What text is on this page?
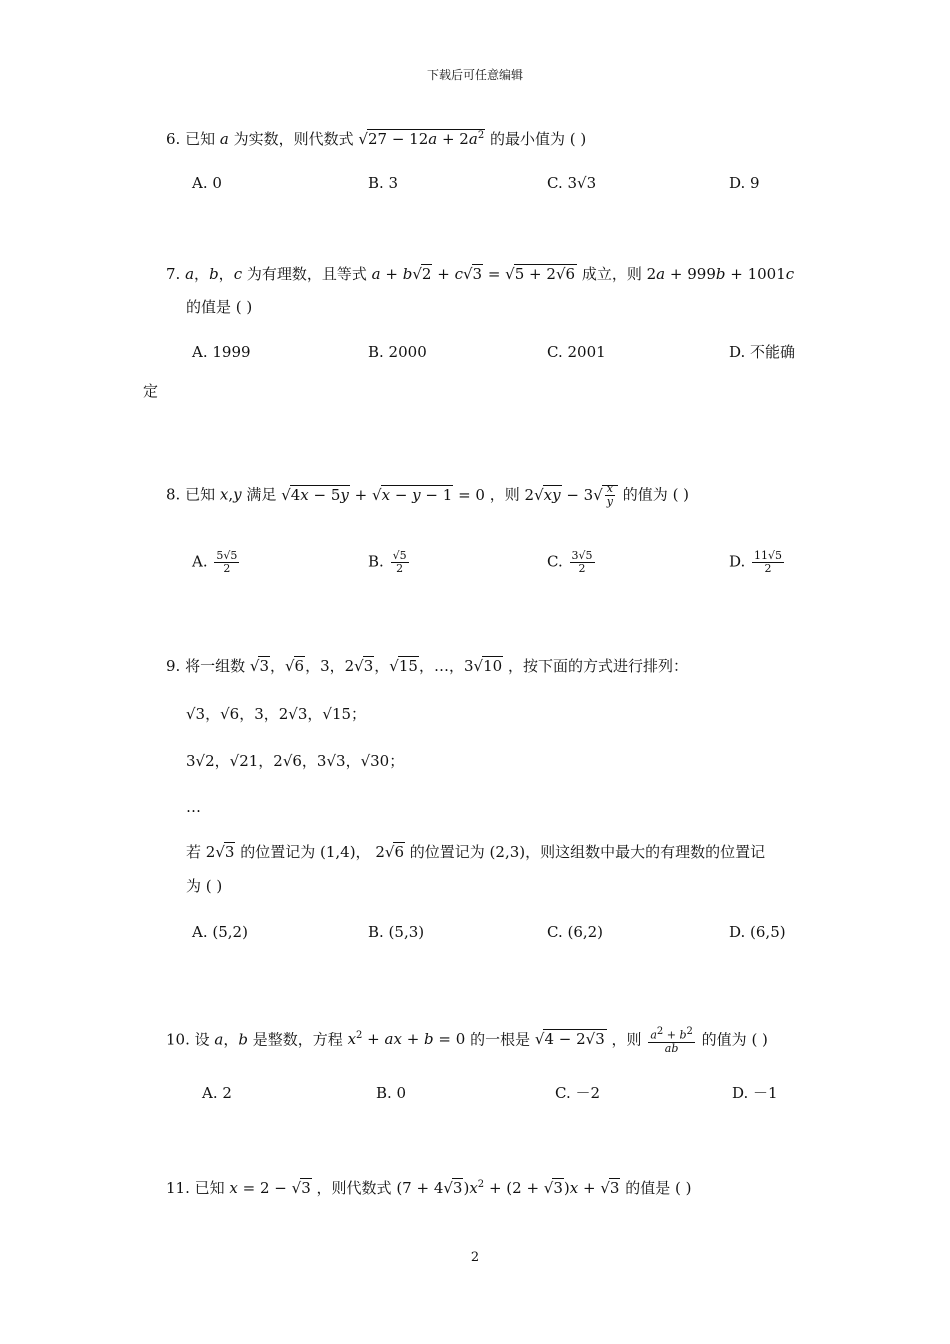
下载后可任意编辑
6. 已知 a 为实数，则代数式 $√27 - 12a + 2a^2$ 的最小值为 ( )
A. 0	B. 3	C. 3√3	D. 9
7. a，b，c 为有理数，且等式 a + b√2 + c√3 = √5 + 2√6 成立，则 2a + 999b + 1001c
的值是 ( )
A. 1999	B. 2000	C. 2001	D. 不能确
定
8. 已知 x,y 满足 √4x − 5y + √x − y − 1 = 0 ，则 $2√xy - 3√ \frac{x}{y}$ 的值为 ( )
A. $\frac{5√5}{2}$	B. $\frac{√5}{2}$	C. $\frac{3√5}{2}$	D. $\frac{11√5}{2}$
9. 将一组数 √3，√6，3，2√3，√15，…，3√10 ，按下面的方式进行排列：
√3，√6，3，2√3，√15；
3√2，√21，2√6，3√3，√30；
…
若 2√3 的位置记为 (1,4)， 2√6 的位置记为 (2,3)，则这组数中最大的有理数的位置记
为 ( )
A. (5,2)	B. (5,3)	C. (6,2)	D. (6,5)
10. 设 a，b 是整数，方程 $x^2$ + ax + b = 0 的一根是 √4 − 2√3 ，则 $\frac{a^2 + b^2}{ab}$ 的值为 ( )
A. 2	B. 0	C. －2	D. －1
11. 已知 x = 2 − √3 ，则代数式 $(7 + 4√3)x^2 + (2 + √3)x + √3$ 的值是 ( )
2
